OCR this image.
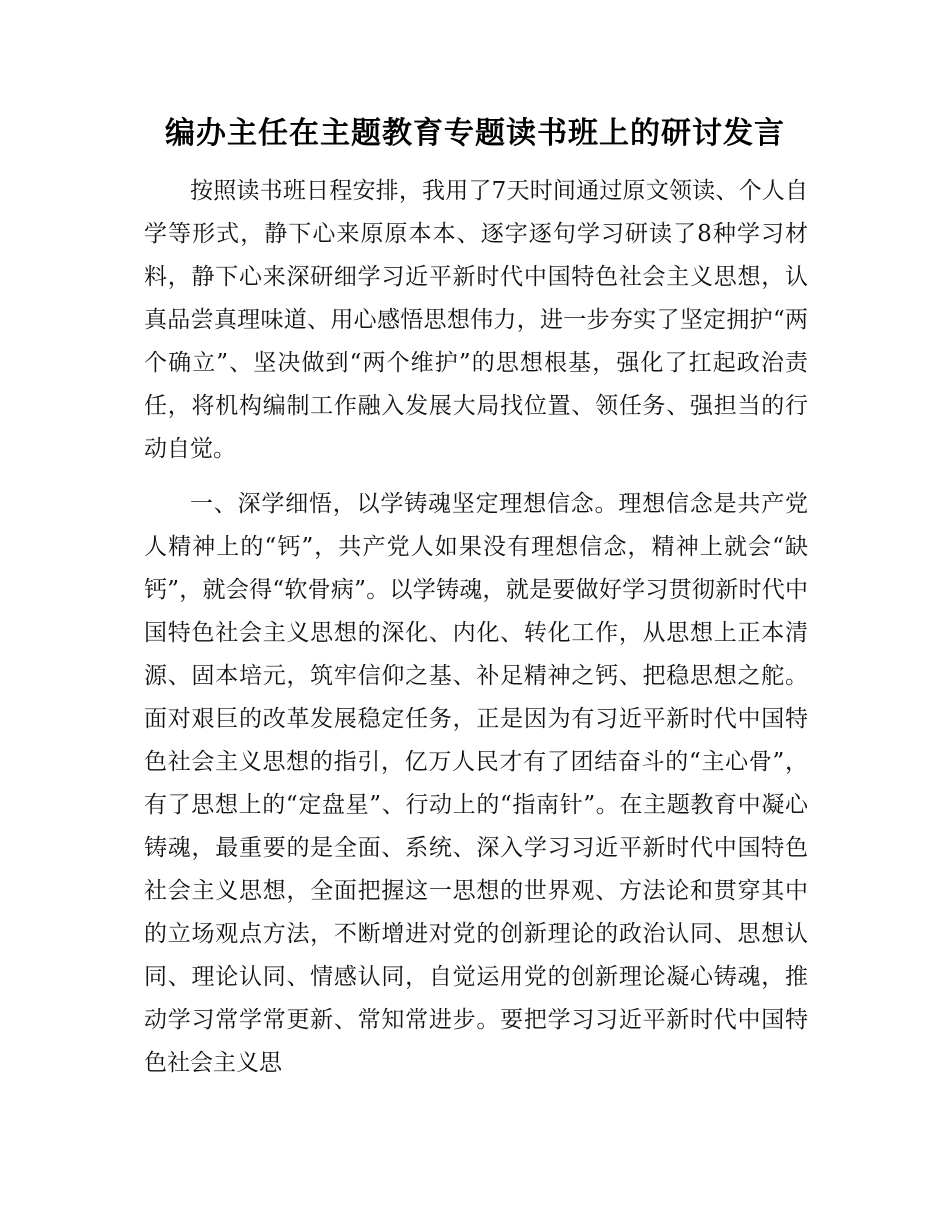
编办主任在主题教育专题读书班上的研讨发言

按照读书班日程安排，我用了7天时间通过原文领读、个人自学等形式，静下心来原原本本、逐字逐句学习研读了8种学习材料，静下心来深研细学习近平新时代中国特色社会主义思想，认真品尝真理味道、用心感悟思想伟力，进一步夯实了坚定拥护“两个确立”、坚决做到“两个维护”的思想根基，强化了扛起政治责任，将机构编制工作融入发展大局找位置、领任务、强担当的行动自觉。

一、深学细悟，以学铸魂坚定理想信念。理想信念是共产党人精神上的“钙”，共产党人如果没有理想信念，精神上就会“缺钙”，就会得“软骨病”。以学铸魂，就是要做好学习贯彻新时代中国特色社会主义思想的深化、内化、转化工作，从思想上正本清源、固本培元，筑牢信仰之基、补足精神之钙、把稳思想之舵。面对艰巨的改革发展稳定任务，正是因为有习近平新时代中国特色社会主义思想的指引，亿万人民才有了团结奋斗的“主心骨”，有了思想上的“定盘星”、行动上的“指南针”。在主题教育中凝心铸魂，最重要的是全面、系统、深入学习习近平新时代中国特色社会主义思想，全面把握这一思想的世界观、方法论和贯穿其中的立场观点方法，不断增进对党的创新理论的政治认同、思想认同、理论认同、情感认同，自觉运用党的创新理论凝心铸魂，推动学习常学常更新、常知常进步。要把学习习近平新时代中国特色社会主义思
